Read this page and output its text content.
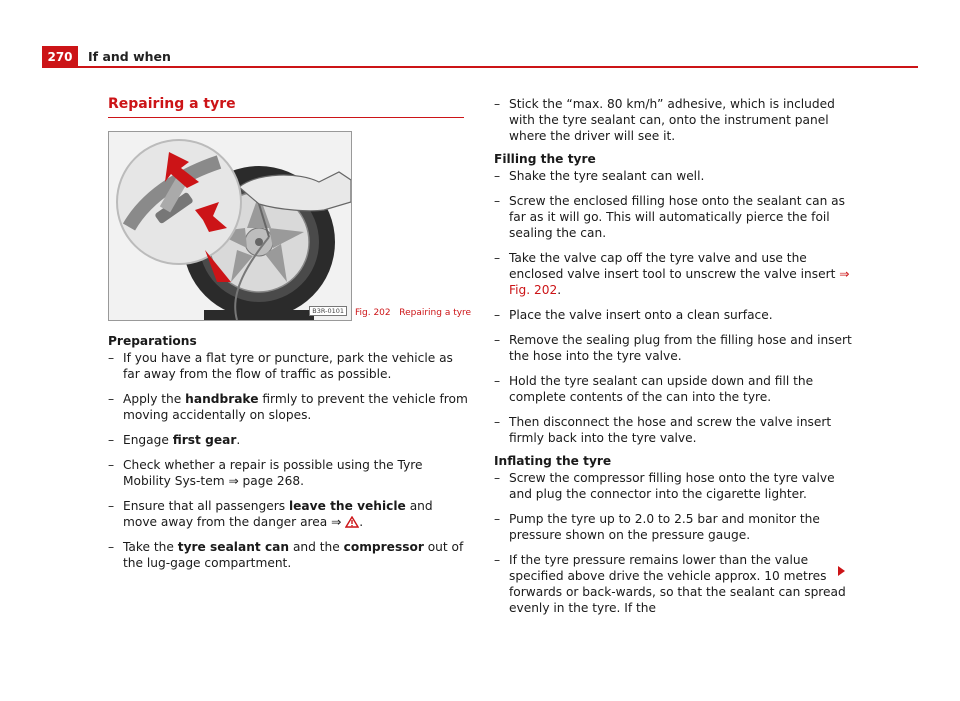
270	If and when
Repairing a tyre
B3R-0101	Fig. 202 Repairing a tyre
Preparations
– If you have a flat tyre or puncture, park the vehicle as far away from the flow of traffic as possible.
– Apply the handbrake firmly to prevent the vehicle from moving accidentally on slopes.
– Engage first gear.
– Check whether a repair is possible using the Tyre Mobility Sys-tem ⇒ page 268.
– Ensure that all passengers leave the vehicle and move away from the danger area ⇒ .
– Take the tyre sealant can and the compressor out of the lug-gage compartment.
– Stick the “max. 80 km/h” adhesive, which is included with the tyre sealant can, onto the instrument panel where the driver will see it.
Filling the tyre
– Shake the tyre sealant can well.
– Screw the enclosed filling hose onto the sealant can as far as it will go. This will automatically pierce the foil sealing the can.
– Take the valve cap off the tyre valve and use the enclosed valve insert tool to unscrew the valve insert ⇒ Fig. 202.
– Place the valve insert onto a clean surface.
– Remove the sealing plug from the filling hose and insert the hose into the tyre valve.
– Hold the tyre sealant can upside down and fill the complete contents of the can into the tyre.
– Then disconnect the hose and screw the valve insert firmly back into the tyre valve.
Inflating the tyre
– Screw the compressor filling hose onto the tyre valve and plug the connector into the cigarette lighter.
– Pump the tyre up to 2.0 to 2.5 bar and monitor the pressure shown on the pressure gauge.
– If the tyre pressure remains lower than the value specified above drive the vehicle approx. 10 metres forwards or back-wards, so that the sealant can spread evenly in the tyre. If the
